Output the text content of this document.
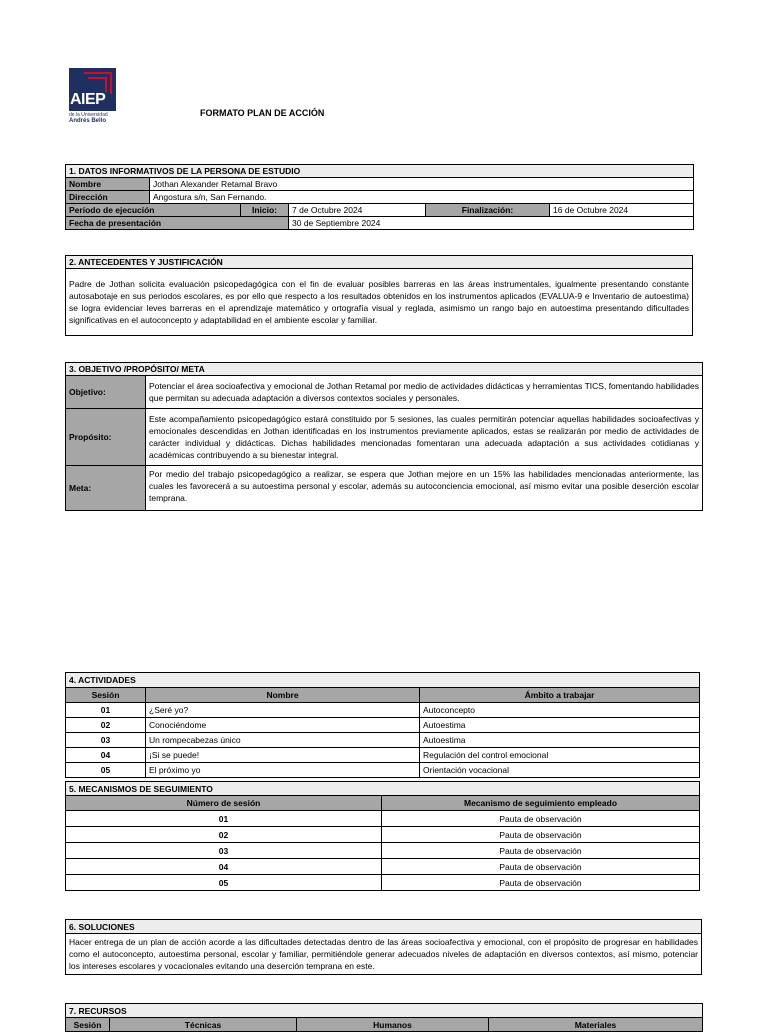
AIEP
de la Universidad
Andrés Bello
FORMATO PLAN DE ACCIÓN
1. DATOS INFORMATIVOS DE LA PERSONA DE ESTUDIO					
Nombre	Jothan Alexander Retamal Bravo				
Dirección	Angostura s/n, San Fernando.				
Período de ejecución		Inicio:	7 de Octubre 2024	Finalización:	16 de Octubre 2024
Fecha de presentación			30 de Septiembre 2024		
2. ANTECEDENTES Y JUSTIFICACIÓN
Padre de Jothan solicita evaluación psicopedagógica con el fin de evaluar posibles barreras en las áreas instrumentales, igualmente presentando constante autosabotaje en sus periodos escolares, es por ello que respecto a los resultados obtenidos en los instrumentos aplicados (EVALUA-9 e Inventario de autoestima) se logra evidenciar leves barreras en el aprendizaje matemático y ortografía visual y reglada, asimismo un rango bajo en autoestima presentando dificultades significativas en el autoconcepto y adaptabilidad en el ambiente escolar y familiar.
3. OBJETIVO /PROPÓSITO/ META	
Objetivo:	Potenciar el área socioafectiva y emocional de Jothan Retamal por medio de actividades didácticas y herramientas TICS, fomentando habilidades que permitan su adecuada adaptación a diversos contextos sociales y personales.
Propósito:	Este acompañamiento psicopedagógico estará constituido por 5 sesiones, las cuales permitirán potenciar aquellas habilidades socioafectivas y emocionales descendidas en Jothan identificadas en los instrumentos previamente aplicados, estas se realizarán por medio de actividades de carácter individual y didácticas. Dichas habilidades mencionadas fomentaran una adecuada adaptación a sus actividades cotidianas y académicas contribuyendo a su bienestar integral.
Meta:	Por medio del trabajo psicopedagógico a realizar, se espera que Jothan mejore en un 15% las habilidades mencionadas anteriormente, las cuales les favorecerá a su autoestima personal y escolar, además su autoconciencia emocional, así mismo evitar una posible deserción escolar temprana.
4. ACTIVIDADES		
Sesión	Nombre	Ámbito a trabajar
01	¿Seré yo?	Autoconcepto
02	Conociéndome	Autoestima
03	Un rompecabezas único	Autoestima
04	¡Si se puede!	Regulación del control emocional
05	El próximo yo	Orientación vocacional
5. MECANISMOS DE SEGUIMIENTO	
Número de sesión	Mecanismo de seguimiento empleado
01	Pauta de observación
02	Pauta de observación
03	Pauta de observación
04	Pauta de observación
05	Pauta de observación
6. SOLUCIONES
Hacer entrega de un plan de acción acorde a las dificultades detectadas dentro de las áreas socioafectiva y emocional, con el propósito de progresar en habilidades como el autoconcepto, autoestima personal, escolar y familiar, permitiéndole generar adecuados niveles de adaptación en diversos contextos, así mismo, potenciar los intereses escolares y vocacionales evitando una deserción temprana en este.
7. RECURSOS
Sesión	Técnicas	Humanos	Materiales
